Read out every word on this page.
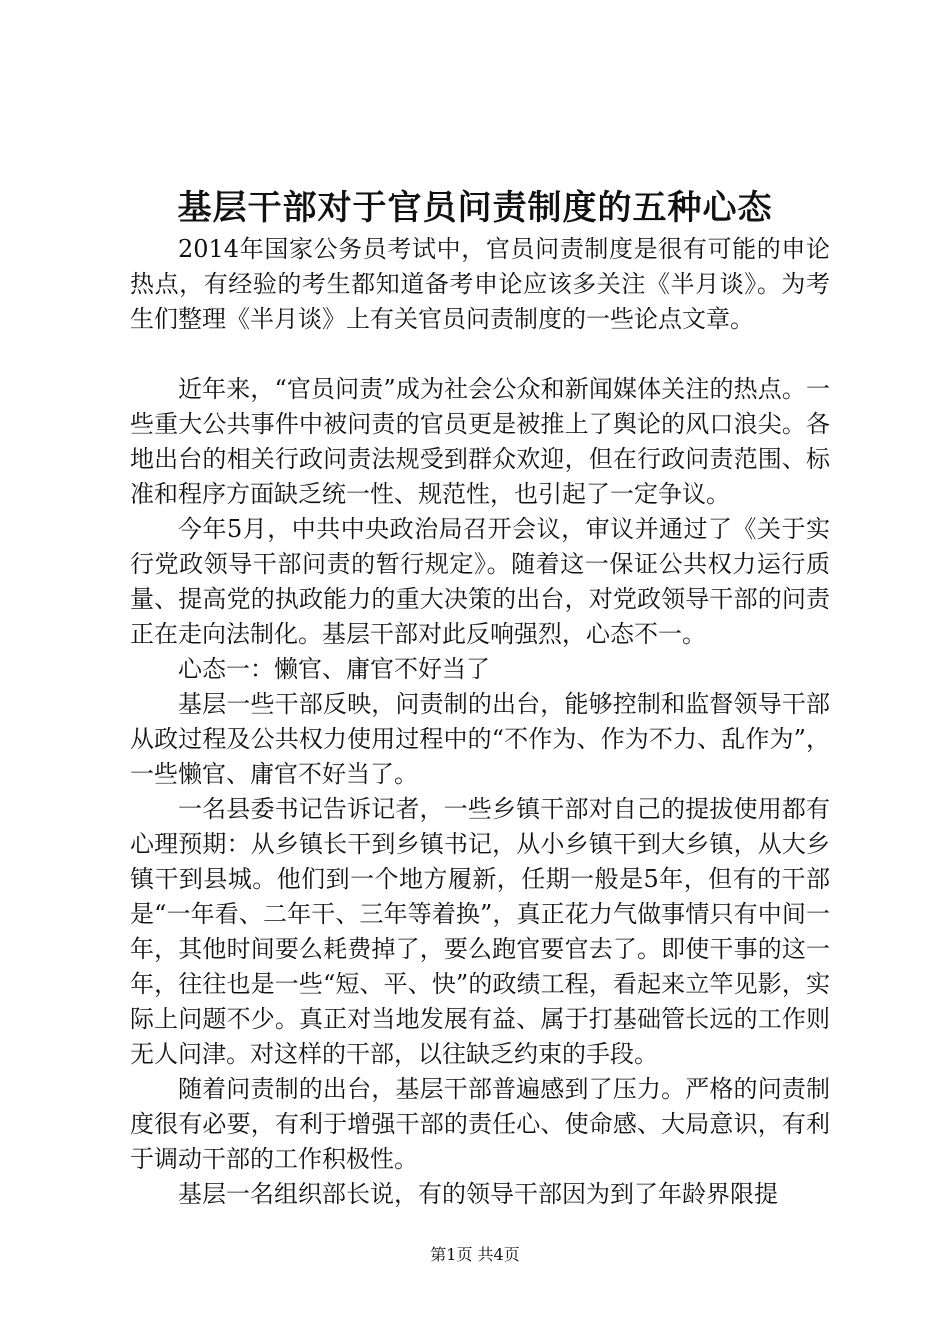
基层干部对于官员问责制度的五种心态

2014年国家公务员考试中，官员问责制度是很有可能的申论热点，有经验的考生都知道备考申论应该多关注《半月谈》。为考生们整理《半月谈》上有关官员问责制度的一些论点文章。

近年来，“官员问责”成为社会公众和新闻媒体关注的热点。一些重大公共事件中被问责的官员更是被推上了舆论的风口浪尖。各地出台的相关行政问责法规受到群众欢迎，但在行政问责范围、标准和程序方面缺乏统一性、规范性，也引起了一定争议。

今年5月，中共中央政治局召开会议，审议并通过了《关于实行党政领导干部问责的暂行规定》。随着这一保证公共权力运行质量、提高党的执政能力的重大决策的出台，对党政领导干部的问责正在走向法制化。基层干部对此反响强烈，心态不一。

心态一：懒官、庸官不好当了

基层一些干部反映，问责制的出台，能够控制和监督领导干部从政过程及公共权力使用过程中的“不作为、作为不力、乱作为”，一些懒官、庸官不好当了。

一名县委书记告诉记者，一些乡镇干部对自己的提拔使用都有心理预期：从乡镇长干到乡镇书记，从小乡镇干到大乡镇，从大乡镇干到县城。他们到一个地方履新，任期一般是5年，但有的干部是“一年看、二年干、三年等着换”，真正花力气做事情只有中间一年，其他时间要么耗费掉了，要么跑官要官去了。即使干事的这一年，往往也是一些“短、平、快”的政绩工程，看起来立竿见影，实际上问题不少。真正对当地发展有益、属于打基础管长远的工作则无人问津。对这样的干部，以往缺乏约束的手段。

随着问责制的出台，基层干部普遍感到了压力。严格的问责制度很有必要，有利于增强干部的责任心、使命感、大局意识，有利于调动干部的工作积极性。

基层一名组织部长说，有的领导干部因为到了年龄界限提

第1页 共4页
